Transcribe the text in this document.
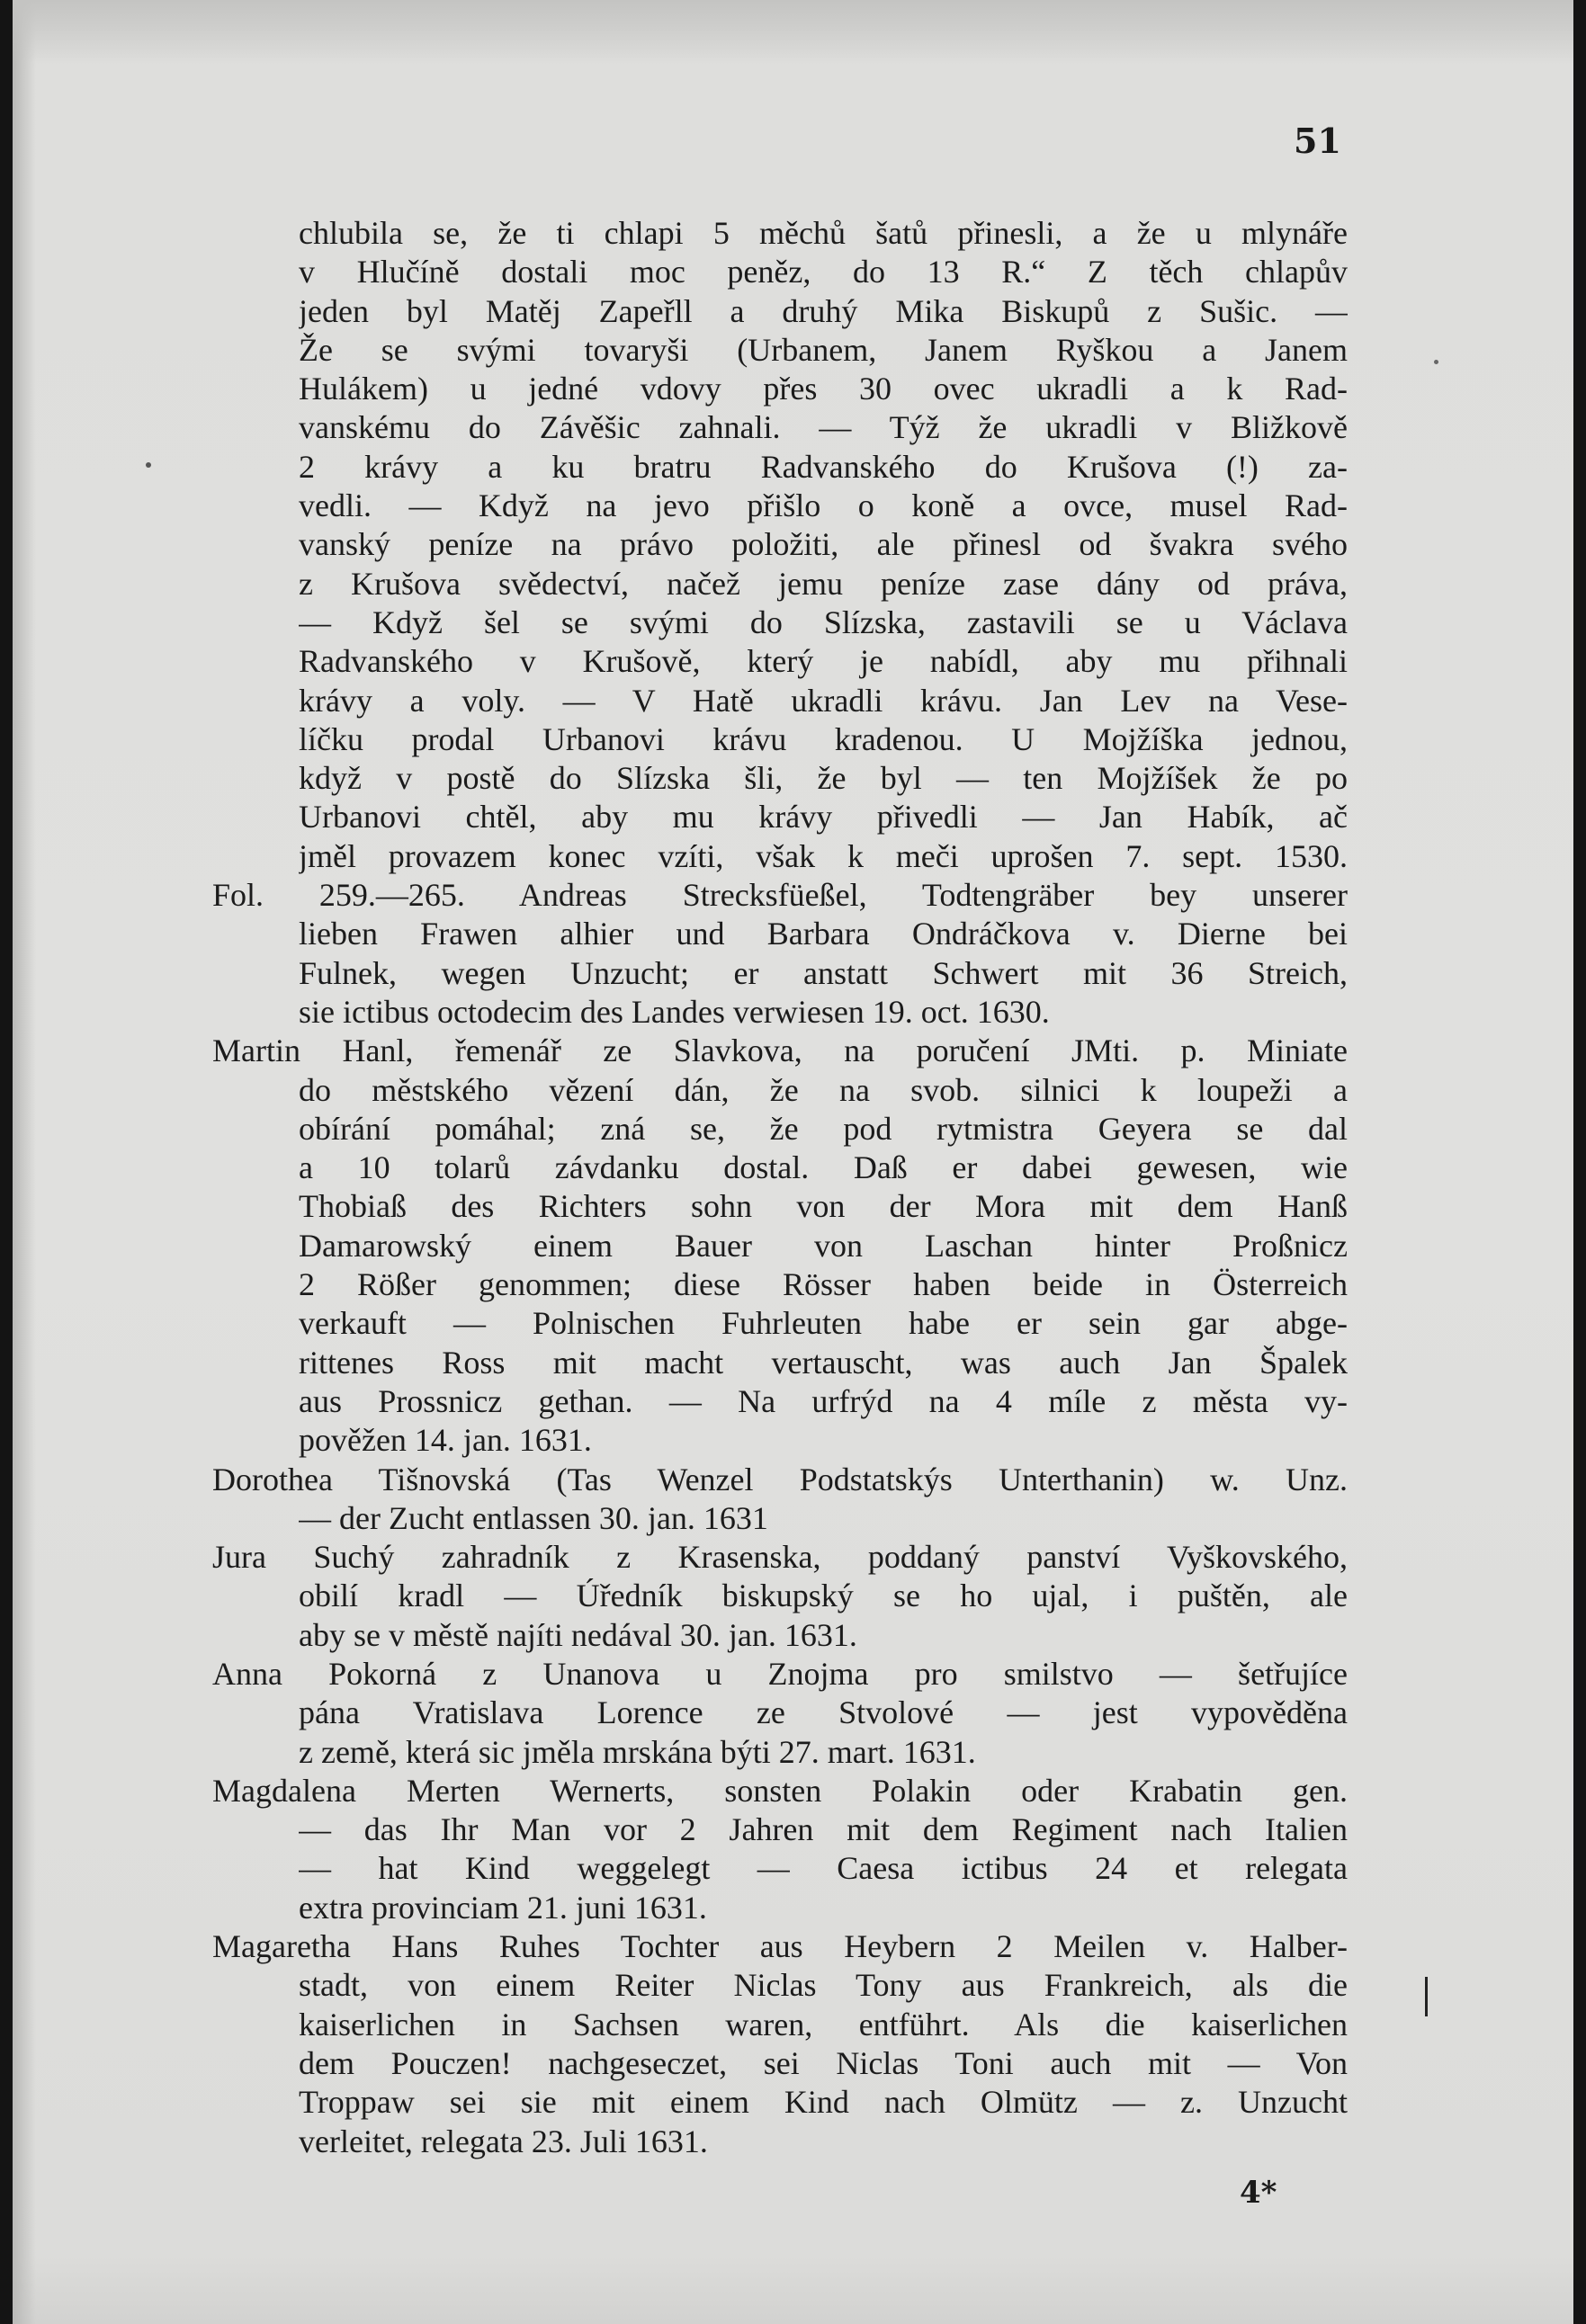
51
chlubila se, že ti chlapi 5 měchů šatů přinesli, a že u mlynáře
v Hlučíně dostali moc peněz, do 13 R.“ Z těch chlapův
jeden byl Matěj Zapeřll a druhý Mika Biskupů z Sušic. —
Že se svými tovaryši (Urbanem, Janem Ryškou a Janem
Hulákem) u jedné vdovy přes 30 ovec ukradli a k Rad-
vanskému do Závěšic zahnali. — Týž že ukradli v Bližkově
2 krávy a ku bratru Radvanského do Krušova (!) za-
vedli. — Když na jevo přišlo o koně a ovce, musel Rad-
vanský peníze na právo položiti, ale přinesl od švakra svého
z Krušova svědectví, načež jemu peníze zase dány od práva,
— Když šel se svými do Slízska, zastavili se u Václava
Radvanského v Krušově, který je nabídl, aby mu přihnali
krávy a voly. — V Hatě ukradli krávu. Jan Lev na Vese-
líčku prodal Urbanovi krávu kradenou. U Mojžíška jednou,
když v postě do Slízska šli, že byl — ten Mojžíšek že po
Urbanovi chtěl, aby mu krávy přivedli — Jan Habík, ač
jměl provazem konec vzíti, však k meči uprošen 7. sept. 1530.
Fol. 259.—265. Andreas Strecksfüeßel, Todtengräber bey unserer
lieben Frawen alhier und Barbara Ondráčkova v. Dierne bei
Fulnek, wegen Unzucht; er anstatt Schwert mit 36 Streich,
sie ictibus octodecim des Landes verwiesen 19. oct. 1630.
Martin Hanl, řemenář ze Slavkova, na poručení JMti. p. Miniate
do městského vězení dán, že na svob. silnici k loupeži a
obírání pomáhal; zná se, že pod rytmistra Geyera se dal
a 10 tolarů závdanku dostal. Daß er dabei gewesen, wie
Thobiaß des Richters sohn von der Mora mit dem Hanß
Damarowský einem Bauer von Laschan hinter Proßnicz
2 Rößer genommen; diese Rösser haben beide in Österreich
verkauft — Polnischen Fuhrleuten habe er sein gar abge-
rittenes Ross mit macht vertauscht, was auch Jan Špalek
aus Prossnicz gethan. — Na urfrýd na 4 míle z města vy-
pověžen 14. jan. 1631.
Dorothea Tišnovská (Tas Wenzel Podstatskýs Unterthanin) w. Unz.
— der Zucht entlassen 30. jan. 1631
Jura Suchý zahradník z Krasenska, poddaný panství Vyškovského,
obilí kradl — Úředník biskupský se ho ujal, i puštěn, ale
aby se v městě najíti nedával 30. jan. 1631.
Anna Pokorná z Unanova u Znojma pro smilstvo — šetřujíce
pána Vratislava Lorence ze Stvolové — jest vypověděna
z země, která sic jměla mrskána býti 27. mart. 1631.
Magdalena Merten Wernerts, sonsten Polakin oder Krabatin gen.
— das Ihr Man vor 2 Jahren mit dem Regiment nach Italien
— hat Kind weggelegt — Caesa ictibus 24 et relegata
extra provinciam 21. juni 1631.
Magaretha Hans Ruhes Tochter aus Heybern 2 Meilen v. Halber-
stadt, von einem Reiter Niclas Tony aus Frankreich, als die
kaiserlichen in Sachsen waren, entführt. Als die kaiserlichen
dem Pouczen! nachgeseczet, sei Niclas Toni auch mit — Von
Troppaw sei sie mit einem Kind nach Olmütz — z. Unzucht
verleitet, relegata 23. Juli 1631.
4*
